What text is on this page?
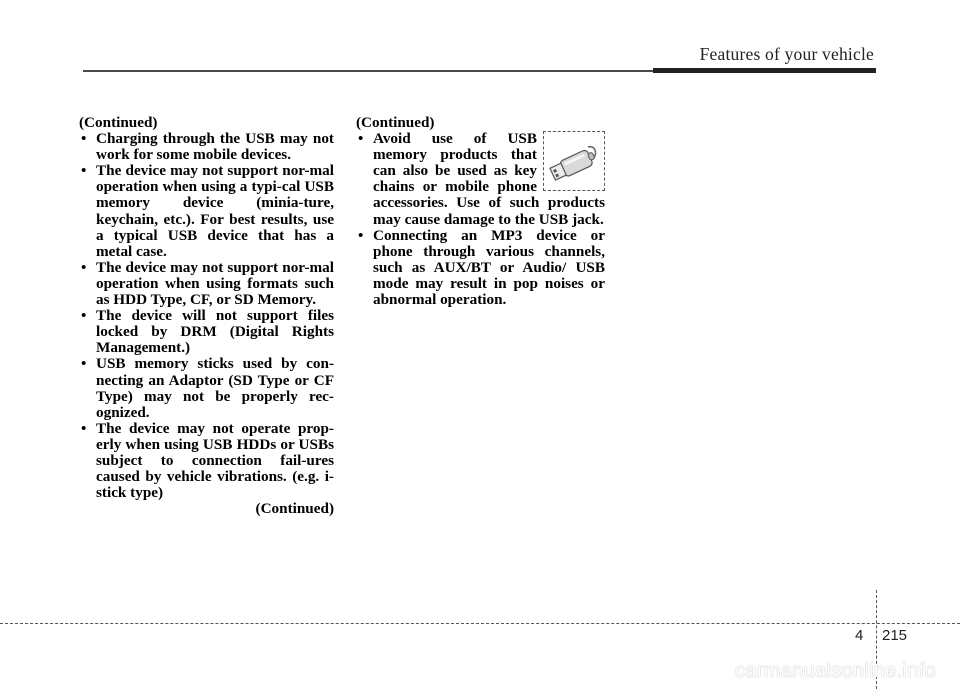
Features of your vehicle

(Continued)

• Charging through the USB may not work for some mobile devices.
• The device may not support nor-mal operation when using a typi-cal USB memory device (minia-ture, keychain, etc.). For best results, use a typical USB device that has a metal case.
• The device may not support nor-mal operation when using formats such as HDD Type, CF, or SD Memory.
• The device will not support files locked by DRM (Digital Rights Management.)
• USB memory sticks used by con-necting an Adaptor (SD Type or CF Type) may not be properly rec-ognized.
• The device may not operate prop-erly when using USB HDDs or USBs subject to connection fail-ures caused by vehicle vibrations. (e.g. i-stick type)

(Continued)

(Continued)

• Avoid use of USB memory products that can also be used as key chains or mobile phone accessories. Use of such products may cause damage to the USB jack.
• Connecting an MP3 device or phone through various channels, such as AUX/BT or Audio/ USB mode may result in pop noises or abnormal operation.
4 215
carmanualsonline.info
